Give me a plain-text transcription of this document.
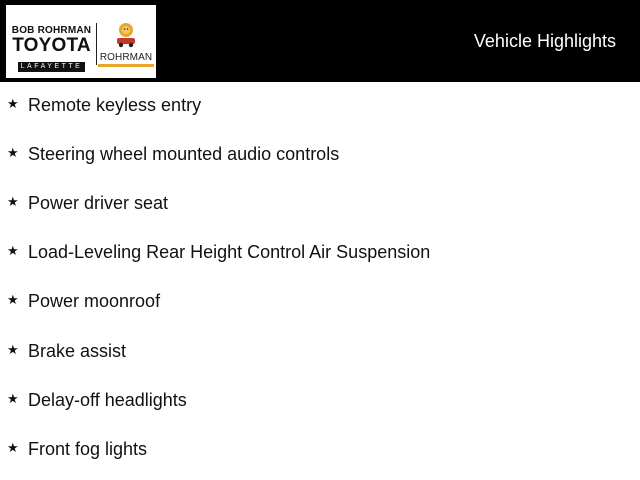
BOB ROHRMAN
TOYOTA
LAFAYETTE
ROHRMAN
Vehicle Highlights
★ Remote keyless entry
★ Steering wheel mounted audio controls
★ Power driver seat
★ Load-Leveling Rear Height Control Air Suspension
★ Power moonroof
★ Brake assist
★ Delay-off headlights
★ Front fog lights
